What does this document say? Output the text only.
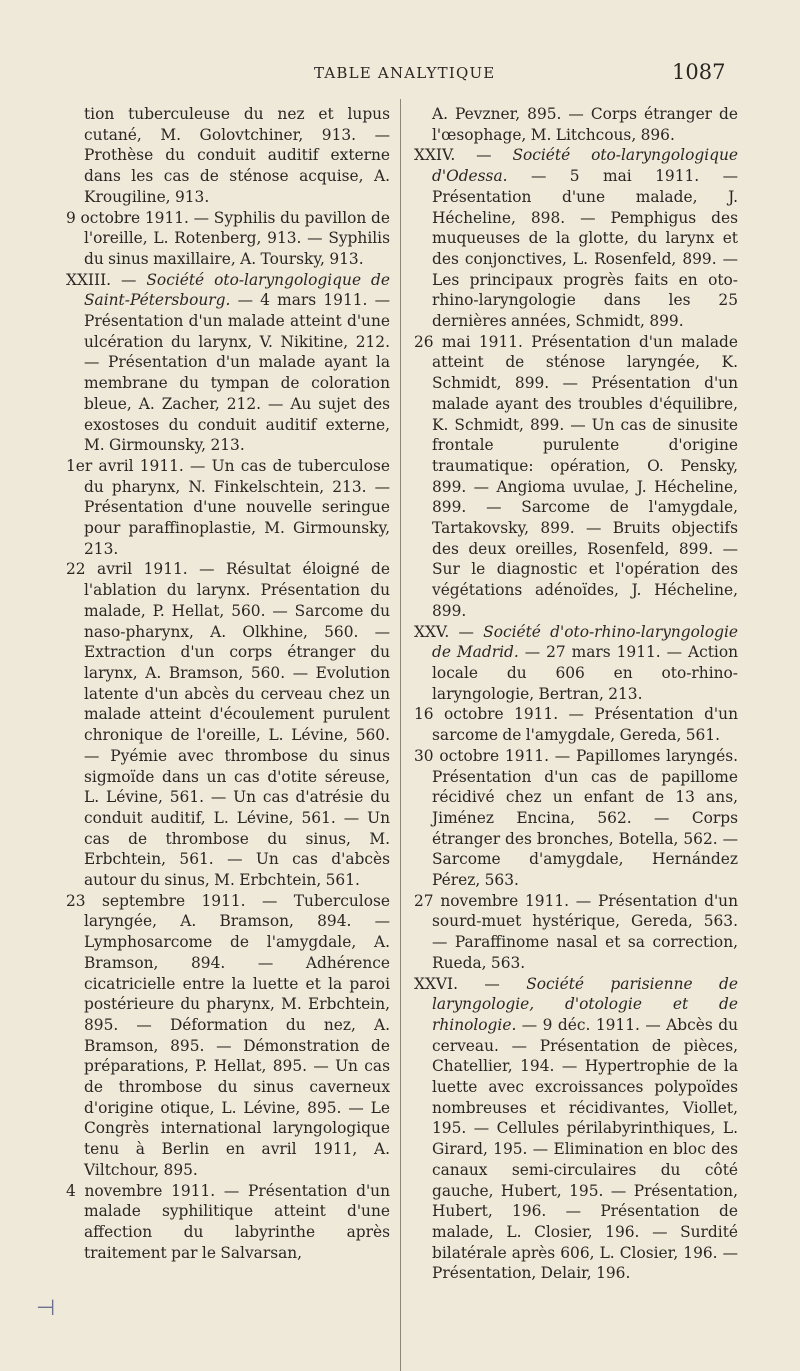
TABLE ANALYTIQUE	1087

tion tuberculeuse du nez et lupus cutané, M. Golovtchiner, 913. — Prothèse du conduit auditif externe dans les cas de sténose acquise, A. Krougiline, 913.

9 octobre 1911. — Syphilis du pavillon de l'oreille, L. Rotenberg, 913. — Syphilis du sinus maxillaire, A. Toursky, 913.

XXIII. — Société oto-laryngologique de Saint-Pétersbourg. — 4 mars 1911. — Présentation d'un malade atteint d'une ulcération du larynx, V. Nikitine, 212. — Présentation d'un malade ayant la membrane du tympan de coloration bleue, A. Zacher, 212. — Au sujet des exostoses du conduit auditif externe, M. Girmounsky, 213.

1er avril 1911. — Un cas de tuberculose du pharynx, N. Finkelschtein, 213. — Présentation d'une nouvelle seringue pour paraffinoplastie, M. Girmounsky, 213.

22 avril 1911. — Résultat éloigné de l'ablation du larynx. Présentation du malade, P. Hellat, 560. — Sarcome du naso-pharynx, A. Olkhine, 560. — Extraction d'un corps étranger du larynx, A. Bramson, 560. — Evolution latente d'un abcès du cerveau chez un malade atteint d'écoulement purulent chronique de l'oreille, L. Lévine, 560. — Pyémie avec thrombose du sinus sigmoïde dans un cas d'otite séreuse, L. Lévine, 561. — Un cas d'atrésie du conduit auditif, L. Lévine, 561. — Un cas de thrombose du sinus, M. Erbchtein, 561. — Un cas d'abcès autour du sinus, M. Erbchtein, 561.

23 septembre 1911. — Tuberculose laryngée, A. Bramson, 894. — Lymphosarcome de l'amygdale, A. Bramson, 894. — Adhérence cicatricielle entre la luette et la paroi postérieure du pharynx, M. Erbchtein, 895. — Déformation du nez, A. Bramson, 895. — Démonstration de préparations, P. Hellat, 895. — Un cas de thrombose du sinus caverneux d'origine otique, L. Lévine, 895. — Le Congrès international laryngologique tenu à Berlin en avril 1911, A. Viltchour, 895.

4 novembre 1911. — Présentation d'un malade syphilitique atteint d'une affection du labyrinthe après traitement par le Salvarsan,

A. Pevzner, 895. — Corps étranger de l'œsophage, M. Litchcous, 896.

XXIV. — Société oto-laryngologique d'Odessa. — 5 mai 1911. — Présentation d'une malade, J. Hécheline, 898. — Pemphigus des muqueuses de la glotte, du larynx et des conjonctives, L. Rosenfeld, 899. — Les principaux progrès faits en oto-rhino-laryngologie dans les 25 dernières années, Schmidt, 899.

26 mai 1911. Présentation d'un malade atteint de sténose laryngée, K. Schmidt, 899. — Présentation d'un malade ayant des troubles d'équilibre, K. Schmidt, 899. — Un cas de sinusite frontale purulente d'origine traumatique: opération, O. Pensky, 899. — Angioma uvulae, J. Hécheline, 899. — Sarcome de l'amygdale, Tartakovsky, 899. — Bruits objectifs des deux oreilles, Rosenfeld, 899. — Sur le diagnostic et l'opération des végétations adénoïdes, J. Hécheline, 899.

XXV. — Société d'oto-rhino-laryngologie de Madrid. — 27 mars 1911. — Action locale du 606 en oto-rhino-laryngologie, Bertran, 213.

16 octobre 1911. — Présentation d'un sarcome de l'amygdale, Gereda, 561.

30 octobre 1911. — Papillomes laryngés. Présentation d'un cas de papillome récidivé chez un enfant de 13 ans, Jiménez Encina, 562. — Corps étranger des bronches, Botella, 562. — Sarcome d'amygdale, Hernández Pérez, 563.

27 novembre 1911. — Présentation d'un sourd-muet hystérique, Gereda, 563. — Paraffinome nasal et sa correction, Rueda, 563.

XXVI. — Société parisienne de laryngologie, d'otologie et de rhinologie. — 9 déc. 1911. — Abcès du cerveau. — Présentation de pièces, Chatellier, 194. — Hypertrophie de la luette avec excroissances polypoïdes nombreuses et récidivantes, Viollet, 195. — Cellules périlabyrinthiques, L. Girard, 195. — Elimination en bloc des canaux semi-circulaires du côté gauche, Hubert, 195. — Présentation, Hubert, 196. — Présentation de malade, L. Closier, 196. — Surdité bilatérale après 606, L. Closier, 196. — Présentation, Delair, 196.

⊣
